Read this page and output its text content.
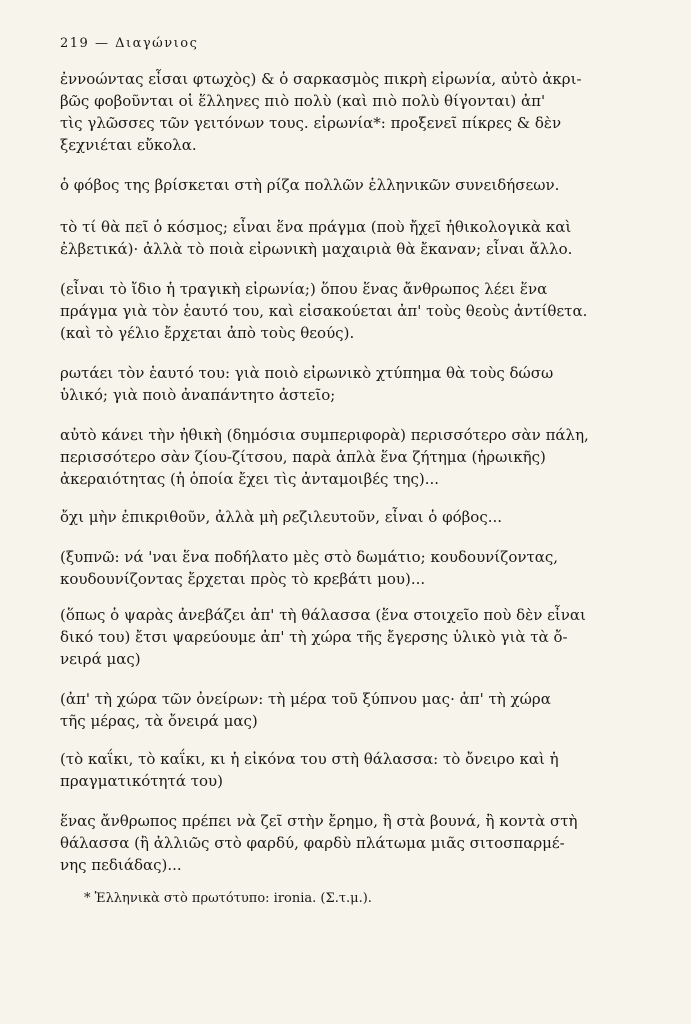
219 — Διαγώνιος

ἐννοώντας εἶσαι φτωχὸς) & ὁ σαρκασμὸς πικρὴ εἰρωνία, αὐτὸ ἀκρι-
βῶς φοβοῦνται οἱ ἕλληνες πιὸ πολὺ (καὶ πιὸ πολὺ θίγονται) ἀπ'
τὶς γλῶσσες τῶν γειτόνων τους. εἰρωνία*: προξενεῖ πίκρες & δὲν
ξεχνιέται εὔκολα.

ὁ φόβος της βρίσκεται στὴ ρίζα πολλῶν ἑλληνικῶν συνειδήσεων.

τὸ τί θὰ πεῖ ὁ κόσμος; εἶναι ἕνα πράγμα (ποὺ ἤχεῖ ἠθικολογικὰ καὶ
ἐλβετικά)· ἀλλὰ τὸ ποιὰ εἰρωνικὴ μαχαιριὰ θὰ ἔκαναν; εἶναι ἄλλο.

(εἶναι τὸ ἴδιο ἡ τραγικὴ εἰρωνία;) ὅπου ἕνας ἄνθρωπος λέει ἕνα
πράγμα γιὰ τὸν ἑαυτό του, καὶ εἰσακούεται ἀπ' τοὺς θεοὺς ἀντίθετα.
(καὶ τὸ γέλιο ἔρχεται ἀπὸ τοὺς θεούς).

ρωτάει τὸν ἑαυτό του: γιὰ ποιὸ εἰρωνικὸ χτύπημα θὰ τοὺς δώσω
ὑλικό; γιὰ ποιὸ ἀναπάντητο ἀστεῖο;

αὐτὸ κάνει τὴν ἠθικὴ (δημόσια συμπεριφορὰ) περισσότερο σὰν πάλη,
περισσότερο σὰν ζίου-ζίτσου, παρὰ ἁπλὰ ἕνα ζήτημα (ἡρωικῆς)
ἀκεραιότητας (ἡ ὁποία ἔχει τὶς ἀνταμοιβές της)...

ὄχι μὴν ἐπικριθοῦν, ἀλλὰ μὴ ρεζιλευτοῦν, εἶναι ὁ φόβος...

(ξυπνῶ: νά 'ναι ἕνα ποδήλατο μὲς στὸ δωμάτιο; κουδουνίζοντας,
κουδουνίζοντας ἔρχεται πρὸς τὸ κρεβάτι μου)...

(ὅπως ὁ ψαρὰς ἀνεβάζει ἀπ' τὴ θάλασσα (ἕνα στοιχεῖο ποὺ δὲν εἶναι
δικό του) ἔτσι ψαρεύουμε ἀπ' τὴ χώρα τῆς ἔγερσης ὑλικὸ γιὰ τὰ ὄ-
νειρά μας)

(ἀπ' τὴ χώρα τῶν ὀνείρων: τὴ μέρα τοῦ ξύπνου μας· ἀπ' τὴ χώρα
τῆς μέρας, τὰ ὄνειρά μας)

(τὸ καΐκι, τὸ καΐκι, κι ἡ εἰκόνα του στὴ θάλασσα: τὸ ὄνειρο καὶ ἡ
πραγματικότητά του)

ἕνας ἄνθρωπος πρέπει νὰ ζεῖ στὴν ἔρημο, ἢ στὰ βουνά, ἢ κοντὰ στὴ
θάλασσα (ἢ ἀλλιῶς στὸ φαρδύ, φαρδὺ πλάτωμα μιᾶς σιτοσπαρμέ-
νης πεδιάδας)...

* Ἑλληνικὰ στὸ πρωτότυπο: ironia. (Σ.τ.μ.).
